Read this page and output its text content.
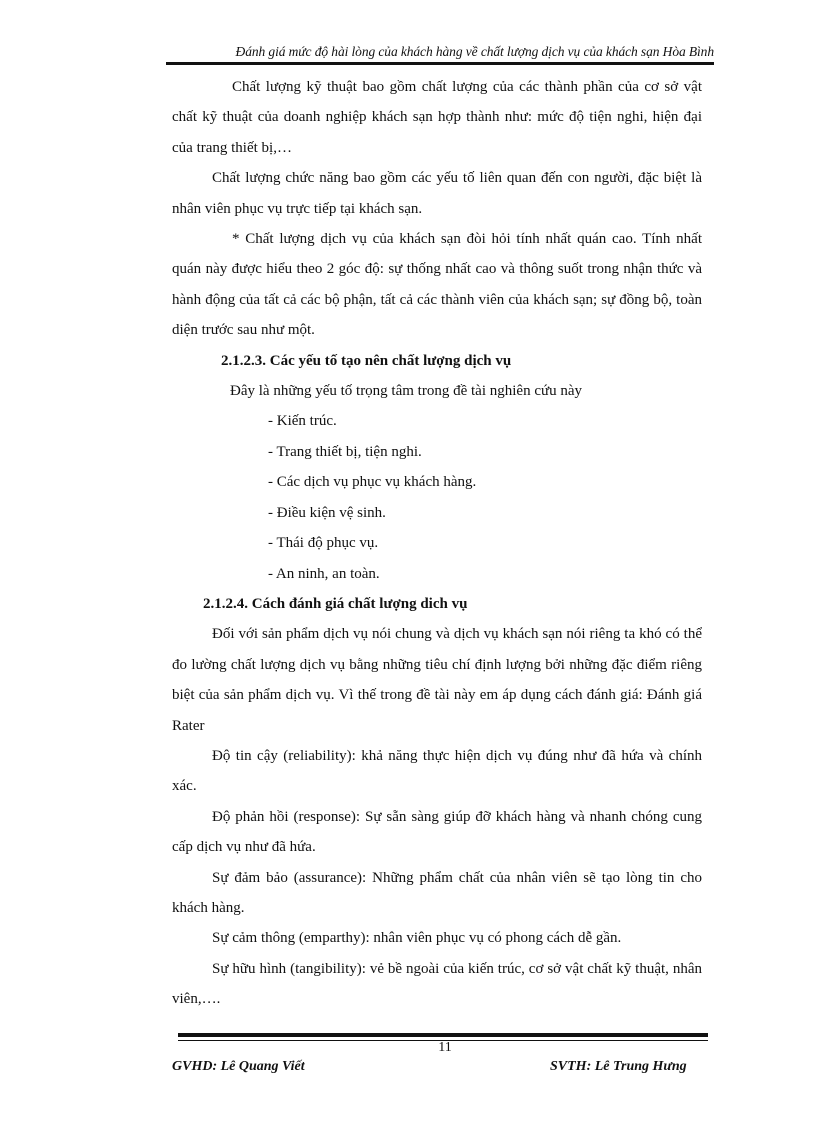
Đánh giá mức độ hài lòng của khách hàng về chất lượng dịch vụ của khách sạn Hòa Bình

Chất lượng kỹ thuật bao gồm chất lượng của các thành phần của cơ sở vật chất kỹ thuật của doanh nghiệp khách sạn hợp thành như: mức độ tiện nghi, hiện đại của trang thiết bị,…

Chất lượng chức năng bao gồm các yếu tố liên quan đến con người, đặc biệt là nhân viên phục vụ trực tiếp tại khách sạn.

* Chất lượng dịch vụ của khách sạn đòi hỏi tính nhất quán cao. Tính nhất quán này được hiểu theo 2 góc độ: sự thống nhất cao và thông suốt trong nhận thức và hành động của tất cả các bộ phận, tất cả các thành viên của khách sạn; sự đồng bộ, toàn diện trước sau như một.

2.1.2.3. Các yếu tố tạo nên chất lượng dịch vụ

Đây là những yếu tố trọng tâm trong đề tài nghiên cứu này

- Kiến trúc.
- Trang thiết bị, tiện nghi.
- Các dịch vụ phục vụ khách hàng.
- Điều kiện vệ sinh.
- Thái độ phục vụ.
- An ninh, an toàn.

2.1.2.4. Cách đánh giá chất lượng dich vụ

Đối với sản phẩm dịch vụ nói chung và dịch vụ khách sạn nói riêng ta khó có thể đo lường chất lượng dịch vụ bằng những tiêu chí định lượng bởi những đặc điểm riêng biệt của sản phẩm dịch vụ. Vì thế trong đề tài này em áp dụng cách đánh giá: Đánh giá Rater

Độ tin cậy (reliability): khả năng thực hiện dịch vụ đúng như đã hứa và chính xác.

Độ phản hồi (response): Sự sẵn sàng giúp đỡ khách hàng và nhanh chóng cung cấp dịch vụ như đã hứa.

Sự đảm bảo (assurance): Những phẩm chất của nhân viên sẽ tạo lòng tin cho khách hàng.

Sự cảm thông (emparthy): nhân viên phục vụ có phong cách dễ gần.

Sự hữu hình (tangibility): vẻ bề ngoài của kiến trúc, cơ sở vật chất kỹ thuật, nhân viên,….

11
GVHD: Lê Quang Viết	SVTH: Lê Trung Hưng
